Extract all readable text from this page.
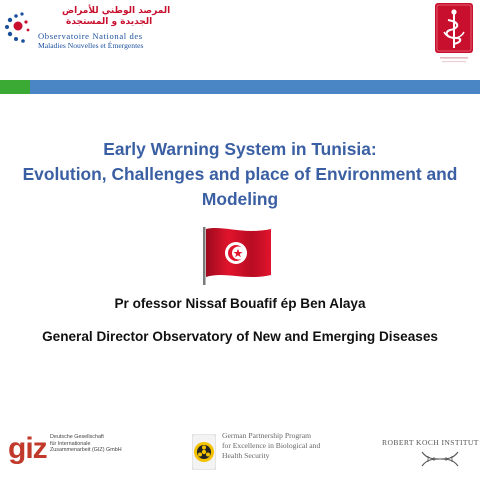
المرصد الوطني للأمراض
الجديدة و المستجدة
Observatoire National des
Maladies Nouvelles et Émergentes
Early Warning System in Tunisia:
Evolution, Challenges and place of Environment and
Modeling
Pr ofessor Nissaf Bouafif ép Ben Alaya
General Director Observatory of New and Emerging Diseases
giz Deutsche Gesellschaft
für Internationale
Zusammenarbeit (GIZ) GmbH
German Partnership Program
for Excellence in Biological and
Health Security
ROBERT KOCH INSTITUT
